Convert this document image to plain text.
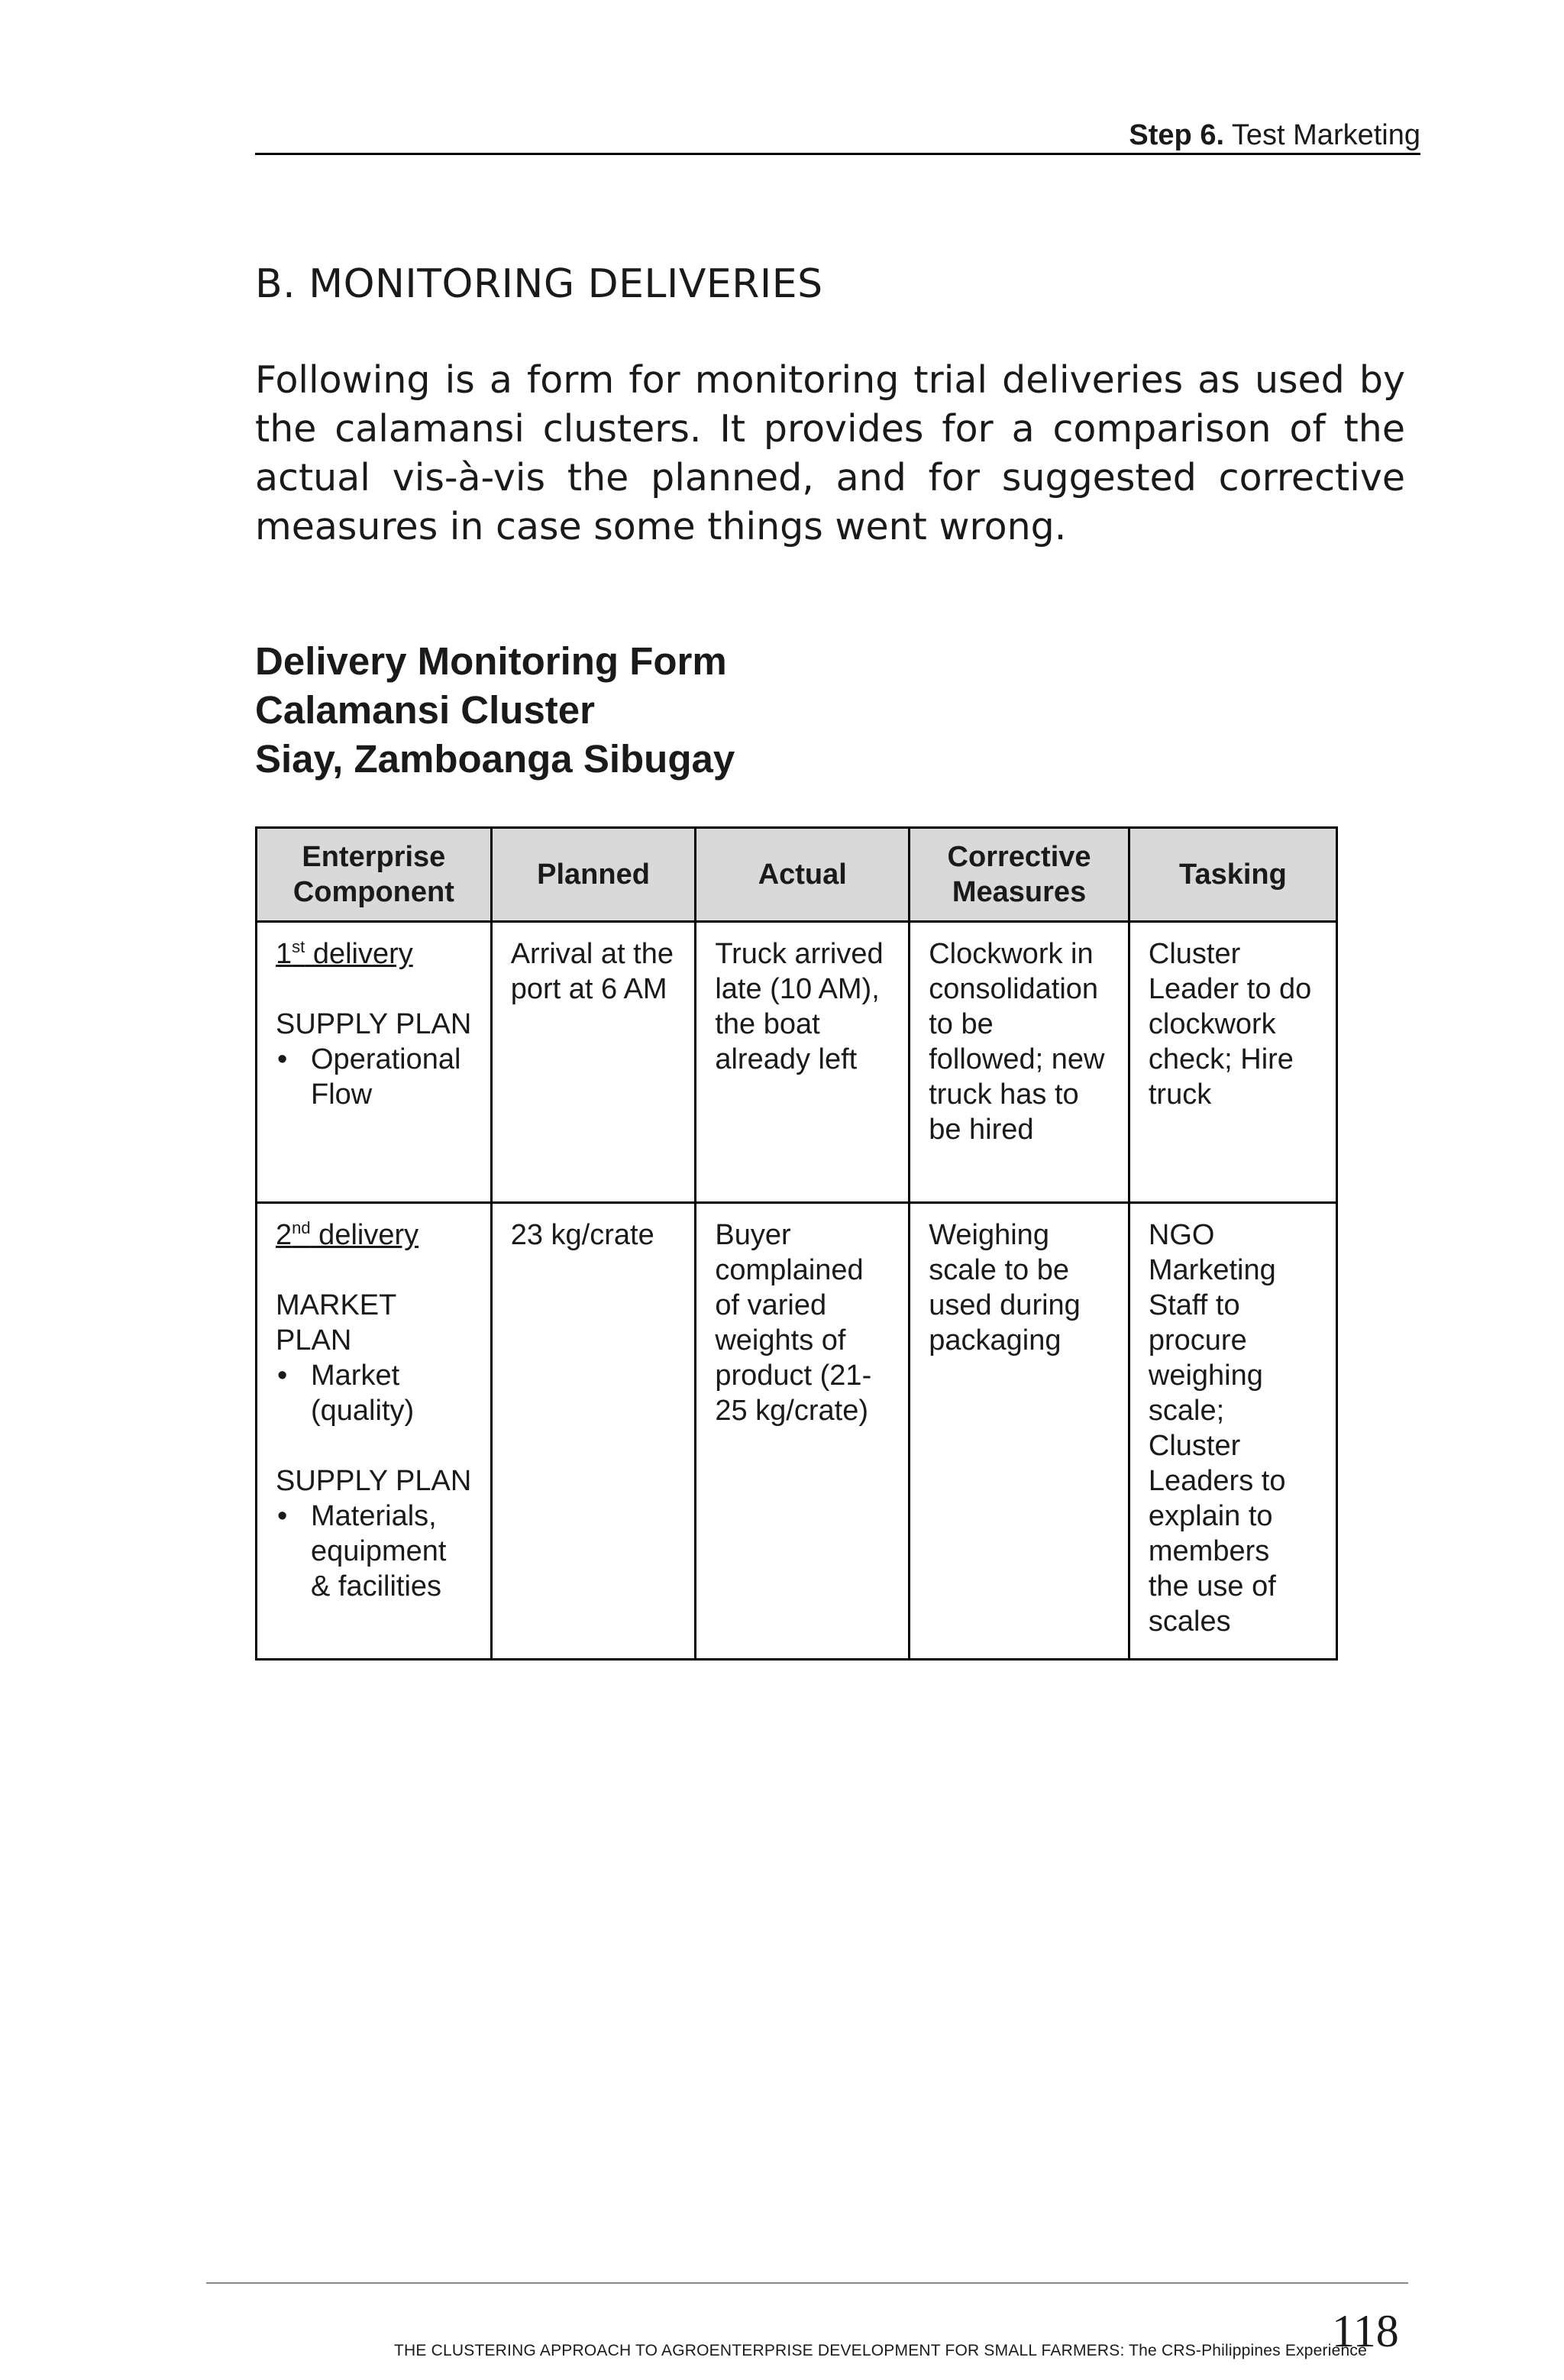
Step 6. Test Marketing
B. MONITORING DELIVERIES

Following is a form for monitoring trial deliveries as used by the calamansi clusters. It provides for a comparison of the actual vis-à-vis the planned, and for suggested corrective measures in case some things went wrong.

Delivery Monitoring Form
Calamansi Cluster
Siay, Zamboanga Sibugay
Enterprise Component	Planned	Actual	Corrective Measures	Tasking

1st delivery
SUPPLY PLAN
• Operational Flow	Arrival at the port at 6 AM	Truck arrived late (10 AM), the boat already left	Clockwork in consolidation to be followed; new truck has to be hired	Cluster Leader to do clockwork check; Hire truck

2nd delivery
MARKET PLAN
• Market (quality)
SUPPLY PLAN
• Materials, equipment & facilities	23 kg/crate	Buyer complained of varied weights of product (21-25 kg/crate)	Weighing scale to be used during packaging	NGO Marketing Staff to procure weighing scale; Cluster Leaders to explain to members the use of scales
THE CLUSTERING APPROACH TO AGROENTERPRISE DEVELOPMENT FOR SMALL FARMERS: The CRS-Philippines Experience
118
